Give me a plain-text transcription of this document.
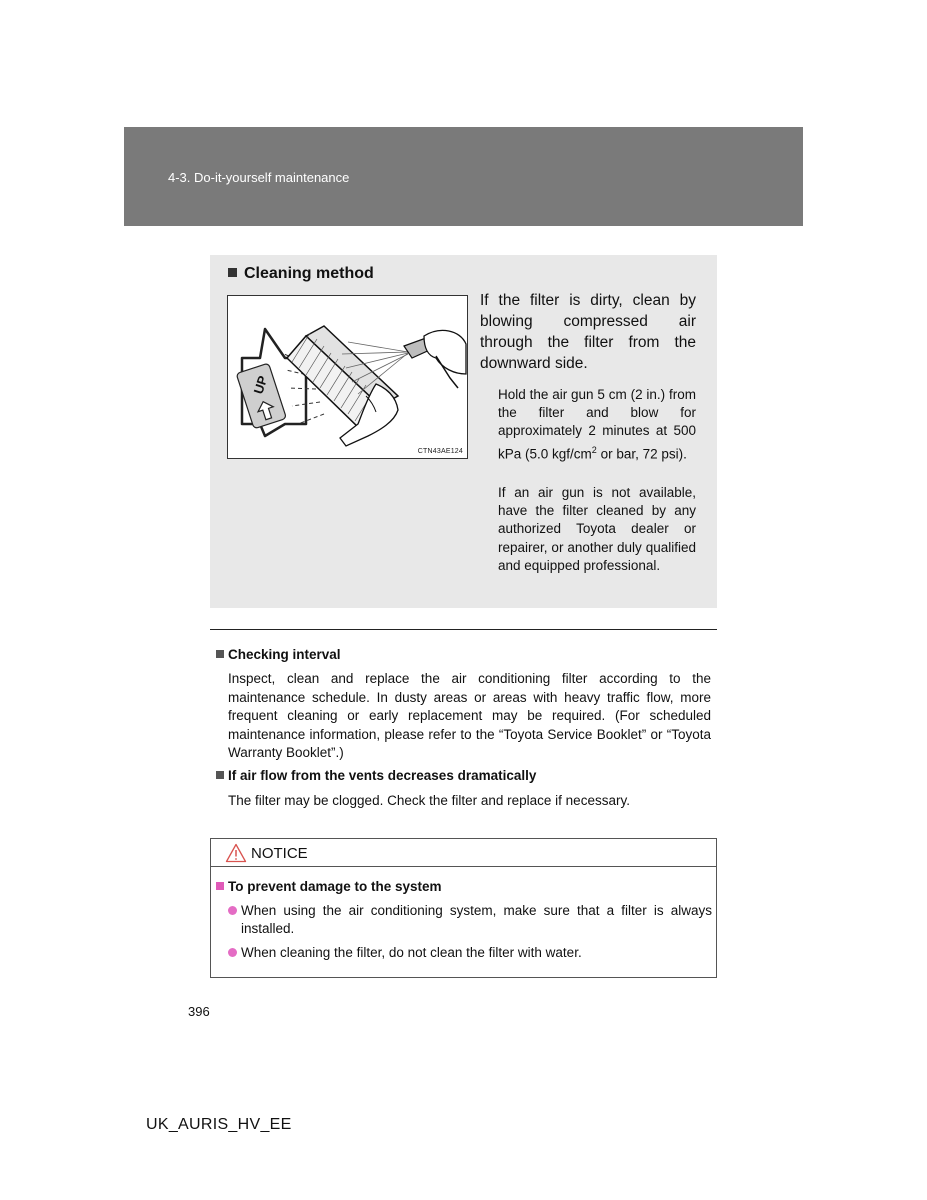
4-3. Do-it-yourself maintenance
Cleaning method
UP
CTN43AE124
If the filter is dirty, clean by blowing compressed air through the filter from the downward side.
Hold the air gun 5 cm (2 in.) from the filter and blow for approximately 2 minutes at 500 kPa (5.0 kgf/$cm^2$ or bar, 72 psi).
If an air gun is not available, have the filter cleaned by any authorized Toyota dealer or repairer, or another duly qualified and equipped professional.
Checking interval
Inspect, clean and replace the air conditioning filter according to the maintenance schedule. In dusty areas or areas with heavy traffic flow, more frequent cleaning or early replacement may be required. (For scheduled maintenance information, please refer to the “Toyota Service Booklet” or “Toyota Warranty Booklet”.)
If air flow from the vents decreases dramatically
The filter may be clogged. Check the filter and replace if necessary.
NOTICE
To prevent damage to the system
When using the air conditioning system, make sure that a filter is always installed.
When cleaning the filter, do not clean the filter with water.
396
UK_AURIS_HV_EE
